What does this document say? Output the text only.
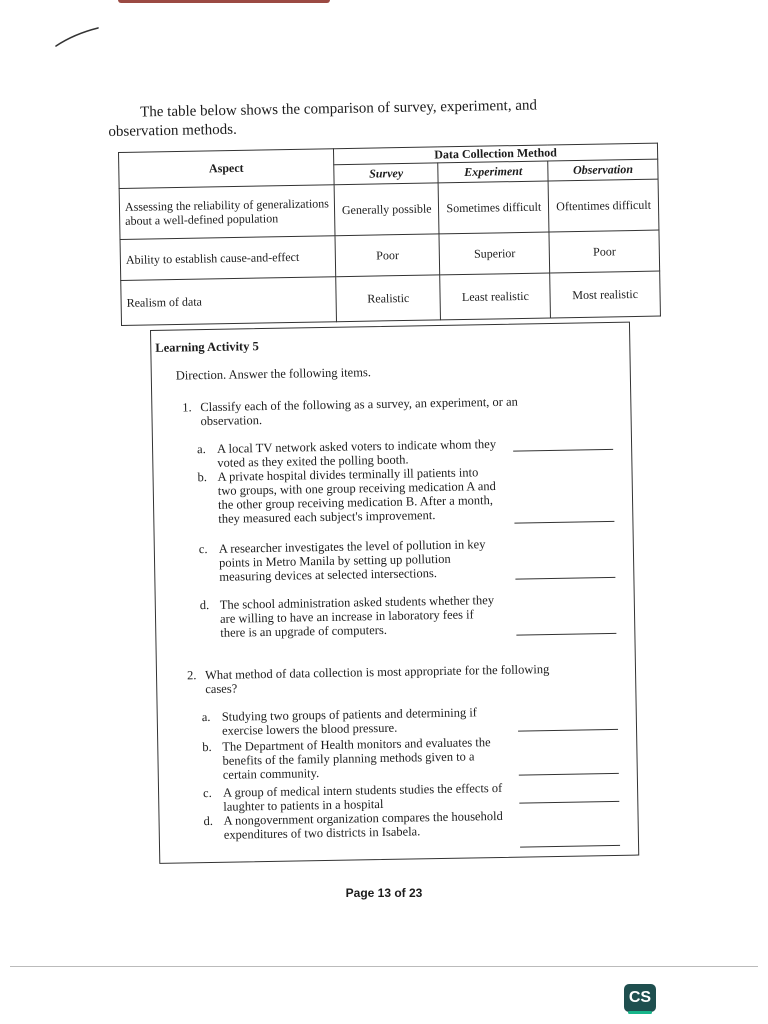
The table below shows the comparison of survey, experiment, and
observation methods.
Aspect	Data Collection Method		
	Survey	Experiment	Observation
Assessing the reliability of generalizations about a well-defined population	Generally possible	Sometimes difficult	Oftentimes difficult
Ability to establish cause-and-effect	Poor	Superior	Poor
Realism of data	Realistic	Least realistic	Most realistic
Learning Activity 5
Direction. Answer the following items.
1. Classify each of the following as a survey, an experiment, or an observation.
a. A local TV network asked voters to indicate whom they voted as they exited the polling booth.
b. A private hospital divides terminally ill patients into two groups, with one group receiving medication A and the other group receiving medication B. After a month, they measured each subject's improvement.
c. A researcher investigates the level of pollution in key points in Metro Manila by setting up pollution measuring devices at selected intersections.
d. The school administration asked students whether they are willing to have an increase in laboratory fees if there is an upgrade of computers.
2. What method of data collection is most appropriate for the following cases?
a. Studying two groups of patients and determining if exercise lowers the blood pressure.
b. The Department of Health monitors and evaluates the benefits of the family planning methods given to a certain community.
c. A group of medical intern students studies the effects of laughter to patients in a hospital
d. A nongovernment organization compares the household expenditures of two districts in Isabela.
Page 13 of 23
CS
